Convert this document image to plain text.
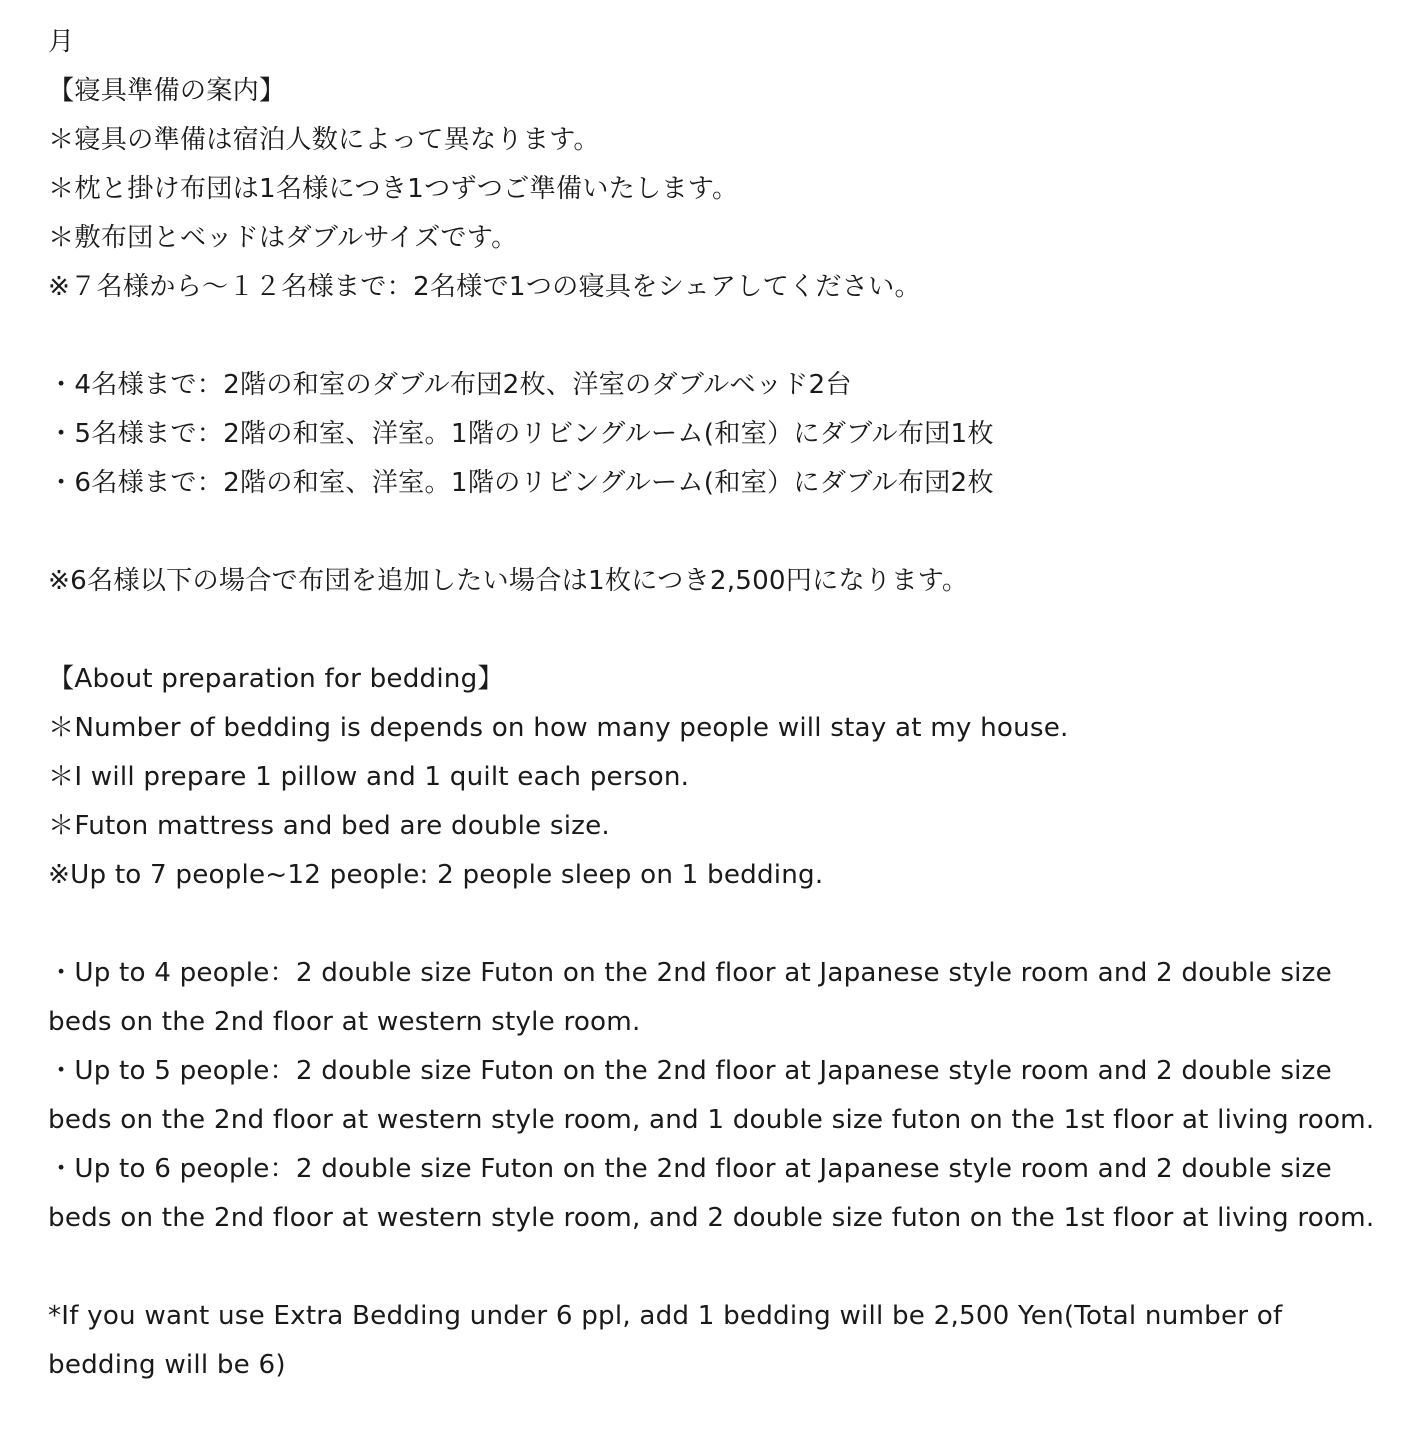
月
【寝具準備の案内】
＊寝具の準備は宿泊人数によって異なります。
＊枕と掛け布団は1名様につき1つずつご準備いたします。
＊敷布団とベッドはダブルサイズです。
※７名様から～１２名様まで：2名様で1つの寝具をシェアしてください。
・4名様まで：2階の和室のダブル布団2枚、洋室のダブルベッド2台
・5名様まで：2階の和室、洋室。1階のリビングルーム(和室）にダブル布団1枚
・6名様まで：2階の和室、洋室。1階のリビングルーム(和室）にダブル布団2枚
※6名様以下の場合で布団を追加したい場合は1枚につき2,500円になります。
【About preparation for bedding】
＊Number of bedding is depends on how many people will stay at my house.
＊I will prepare 1 pillow and 1 quilt each person.
＊Futon mattress and bed are double size.
※Up to 7 people~12 people: 2 people sleep on 1 bedding.
・Up to 4 people：2 double size Futon on the 2nd floor at Japanese style room and 2 double size
beds on the 2nd floor at western style room.
・Up to 5 people：2 double size Futon on the 2nd floor at Japanese style room and 2 double size
beds on the 2nd floor at western style room, and 1 double size futon on the 1st floor at living room.
・Up to 6 people：2 double size Futon on the 2nd floor at Japanese style room and 2 double size
beds on the 2nd floor at western style room, and 2 double size futon on the 1st floor at living room.
*If you want use Extra Bedding under 6 ppl, add 1 bedding will be 2,500 Yen(Total number of
bedding will be 6)
